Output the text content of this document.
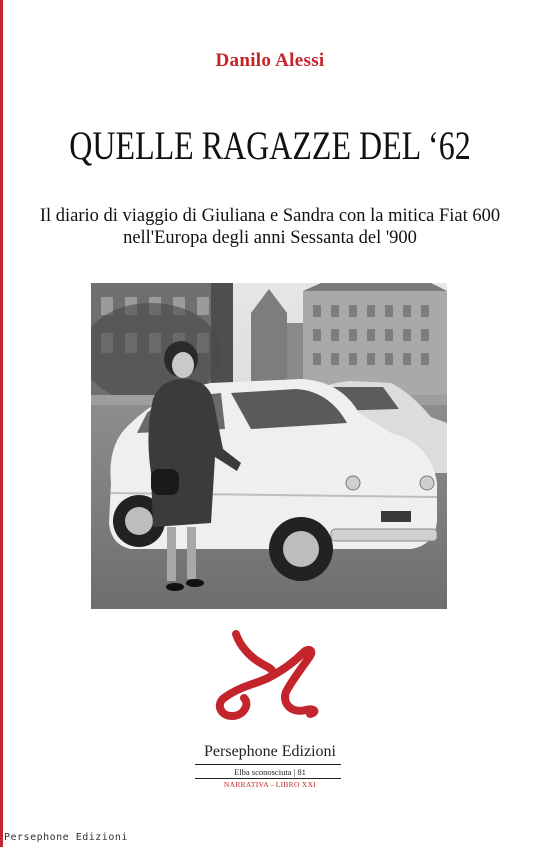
Danilo Alessi
QUELLE RAGAZZE DEL ‘62
Il diario di viaggio di Giuliana e Sandra con la mitica Fiat 600
nell'Europa degli anni Sessanta del '900
Persephone Edizioni
Elba sconosciuta | 81
NARRATIVA - LIBRO XXI
Persephone Edizioni
